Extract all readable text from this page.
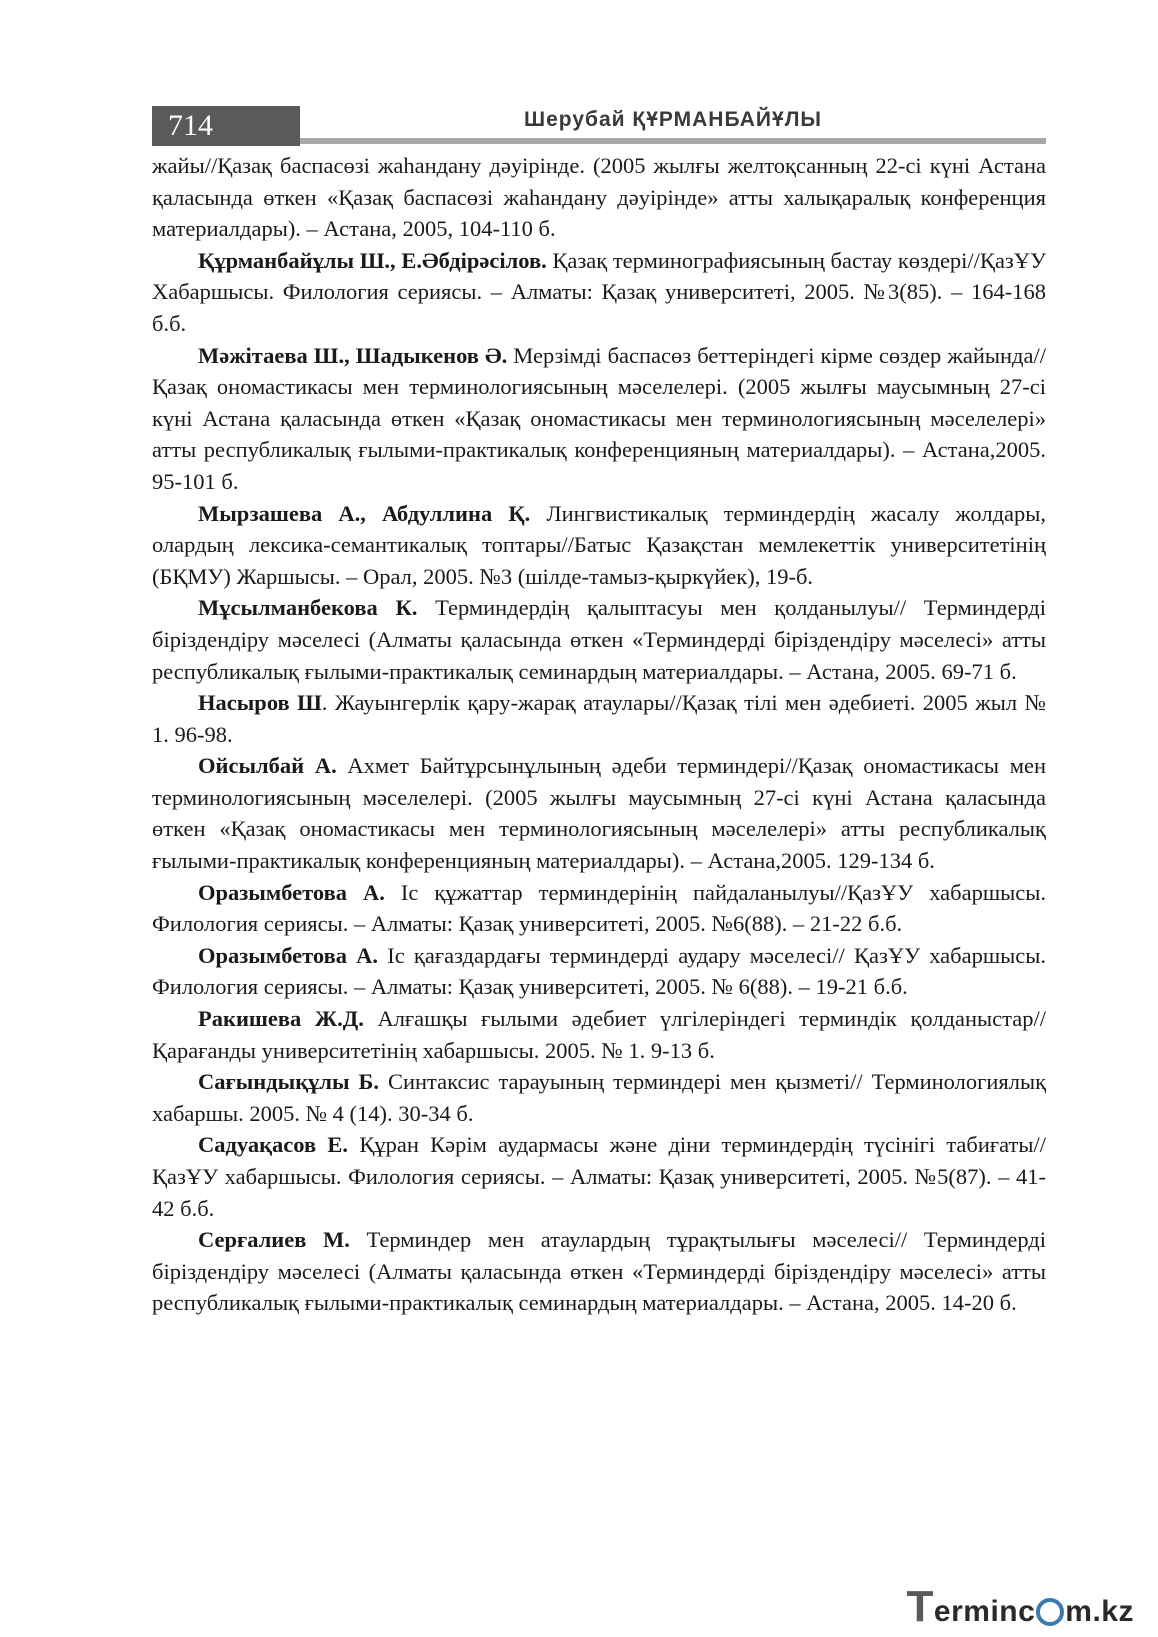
714	Шерубай ҚҰРМАНБАЙҰЛЫ

жайы//Қазақ баспасөзі жаһандану дәуірінде. (2005 жылғы желтоқсанның 22-сі күні Астана қаласында өткен «Қазақ баспасөзі жаһандану дәуірінде» атты халықаралық конференция материалдары). – Астана, 2005, 104-110 б.

Құрманбайұлы Ш., Е.Әбдірәсілов. Қазақ терминографиясының бастау көздері//ҚазҰУ Хабаршысы. Филология сериясы. – Алматы: Қазақ университеті, 2005. №3(85). – 164-168 б.б.

Мәжітаева Ш., Шадыкенов Ә. Мерзімді баспасөз беттеріндегі кірме сөздер жайында//Қазақ ономастикасы мен терминологиясының мәселелері. (2005 жылғы маусымның 27-сі күні Астана қаласында өткен «Қазақ ономастикасы мен терминологиясының мәселелері» атты республикалық ғылыми-практикалық конференцияның материалдары). – Астана,2005. 95-101 б.

Мырзашева А., Абдуллина Қ. Лингвистикалық терминдердің жасалу жолдары, олардың лексика-семантикалық топтары//Батыс Қазақстан мемлекеттік университетінің (БҚМУ) Жаршысы. – Орал, 2005. №3 (шілде-тамыз-қыркүйек), 19-б.

Мұсылманбекова К. Терминдердің қалыптасуы мен қолданылуы// Терминдерді біріздендіру мәселесі (Алматы қаласында өткен «Терминдерді біріздендіру мәселесі» атты республикалық ғылыми-практикалық семинардың материалдары. – Астана, 2005. 69-71 б.

Насыров Ш. Жауынгерлік қару-жарақ атаулары//Қазақ тілі мен әдебиеті. 2005 жыл № 1. 96-98.

Ойсылбай А. Ахмет Байтұрсынұлының әдеби терминдері//Қазақ ономастикасы мен терминологиясының мәселелері. (2005 жылғы маусымның 27-сі күні Астана қаласында өткен «Қазақ ономастикасы мен терминологиясының мәселелері» атты республикалық ғылыми-практикалық конференцияның материалдары). – Астана,2005. 129-134 б.

Оразымбетова А. Іс құжаттар терминдерінің пайдаланылуы//ҚазҰУ хабаршысы. Филология сериясы. – Алматы: Қазақ университеті, 2005. №6(88). – 21-22 б.б.

Оразымбетова А. Іс қағаздардағы терминдерді аудару мәселесі// ҚазҰУ хабаршысы. Филология сериясы. – Алматы: Қазақ университеті, 2005. № 6(88). – 19-21 б.б.

Ракишева Ж.Д. Алғашқы ғылыми әдебиет үлгілеріндегі терминдік қолданыстар//Қарағанды университетінің хабаршысы. 2005. № 1. 9-13 б.

Сағындықұлы Б. Синтаксис тарауының терминдері мен қызметі// Терминологиялық хабаршы. 2005. № 4 (14). 30-34 б.

Садуақасов Е. Құран Кәрім аудармасы және діни терминдердің түсінігі табиғаты//ҚазҰУ хабаршысы. Филология сериясы. – Алматы: Қазақ университеті, 2005. №5(87). – 41-42 б.б.

Серғалиев М. Терминдер мен атаулардың тұрақтылығы мәселесі// Терминдерді біріздендіру мәселесі (Алматы қаласында өткен «Терминдерді біріздендіру мәселесі» атты республикалық ғылыми-практикалық семинардың материалдары. – Астана, 2005. 14-20 б.

T erminc m.kz
